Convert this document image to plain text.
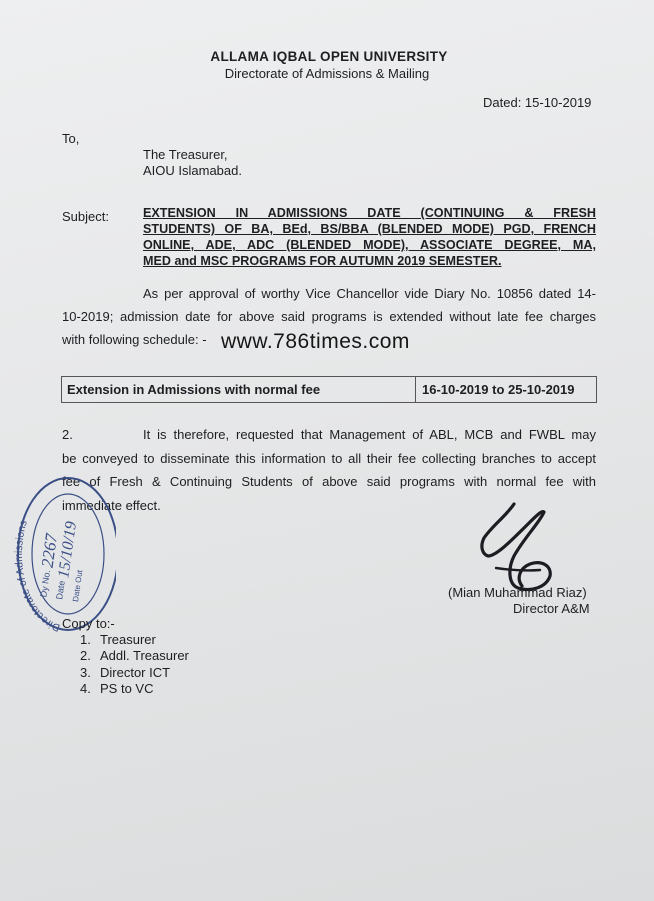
ALLAMA IQBAL OPEN UNIVERSITY
Directorate of Admissions & Mailing
Dated: 15-10-2019
To,
The Treasurer,
AIOU Islamabad.
Subject:	EXTENSION IN ADMISSIONS DATE (CONTINUING & FRESH
STUDENTS) OF BA, BEd, BS/BBA (BLENDED MODE) PGD, FRENCH
ONLINE, ADE, ADC (BLENDED MODE), ASSOCIATE DEGREE, MA,
MED and MSC PROGRAMS FOR AUTUMN 2019 SEMESTER.
As per approval of worthy Vice Chancellor vide Diary No. 10856 dated 14-
10-2019; admission date for above said programs is extended without late fee charges
with following schedule: - www.786times.com
Extension in Admissions with normal fee	16-10-2019 to 25-10-2019
2.	It is therefore, requested that Management of ABL, MCB and FWBL may
be conveyed to disseminate this information to all their fee collecting branches to accept
fee of Fresh & Continuing Students of above said programs with normal fee with
immediate effect.
Directorate of Admissions
Dy No.
2267
Date
15/10/19
Date Out	(Mian Muhammad Riaz)
Director A&M
Copy to:-
1. Treasurer
2. Addl. Treasurer
3. Director ICT
4. PS to VC
